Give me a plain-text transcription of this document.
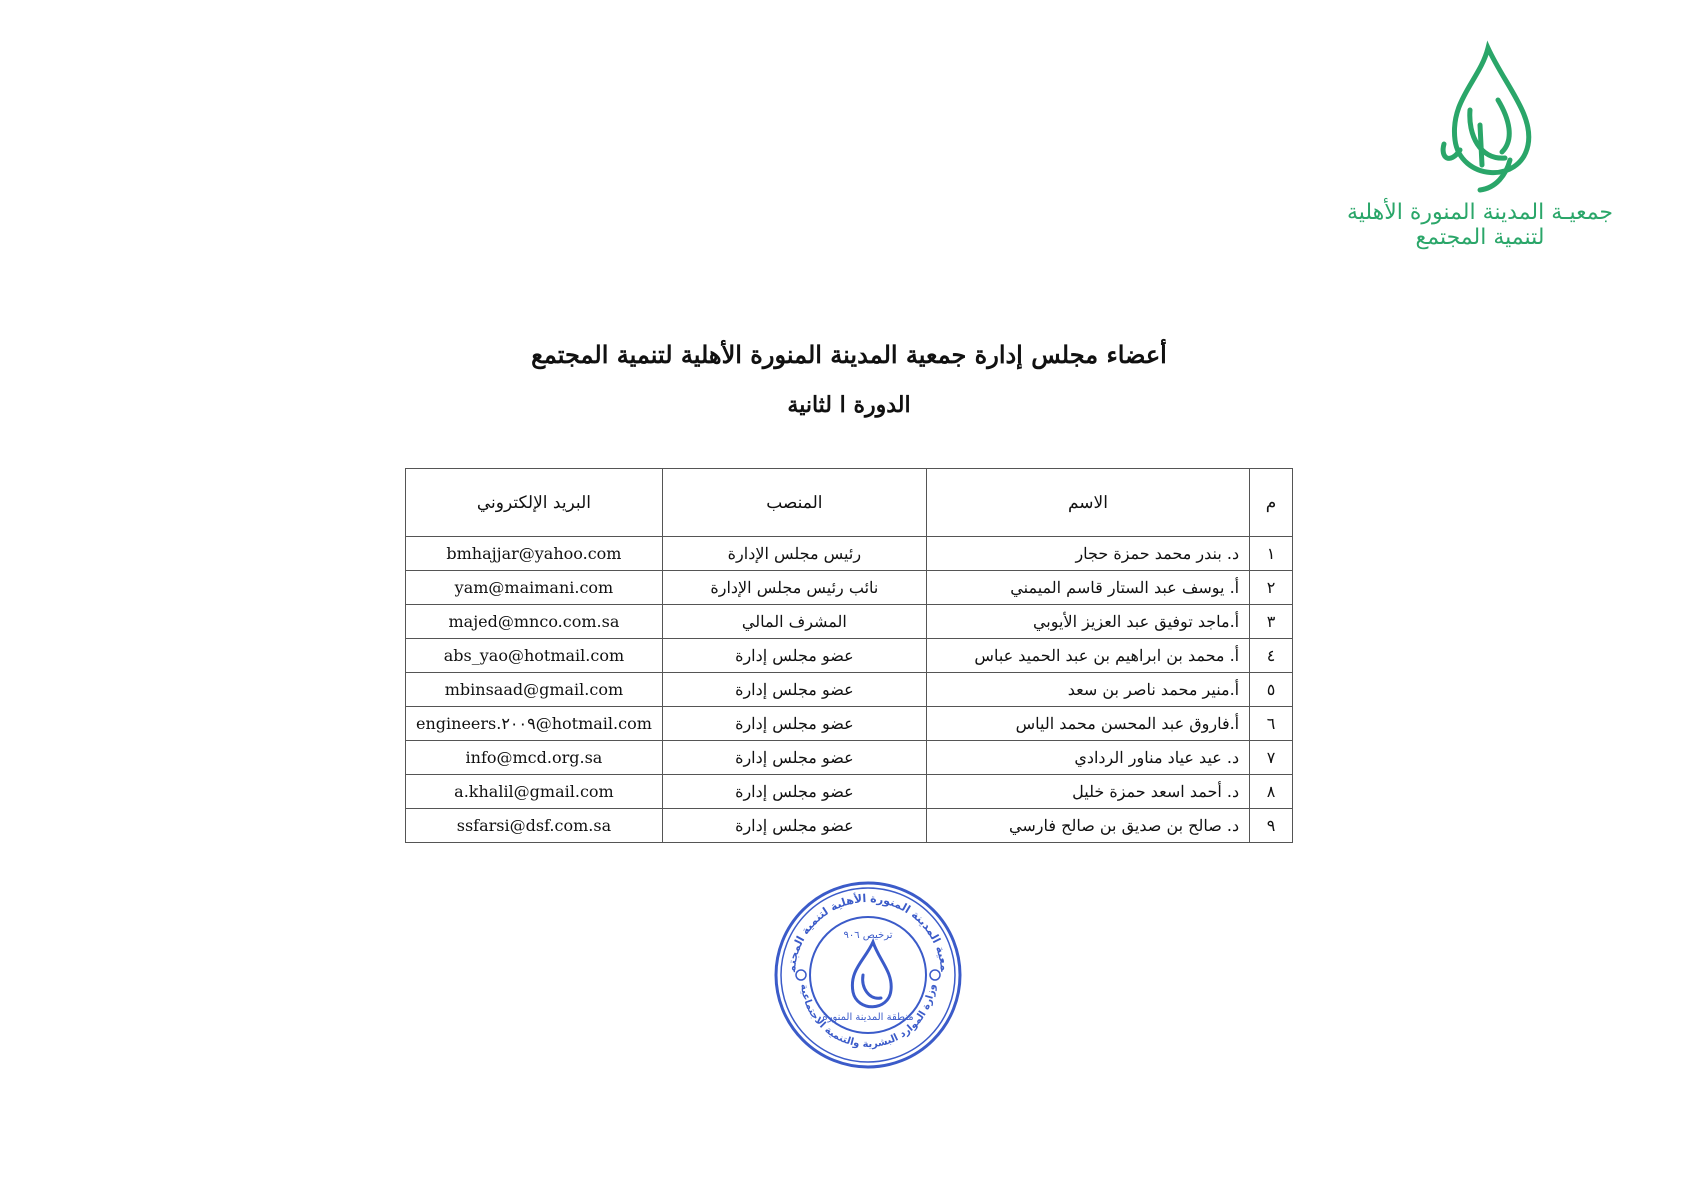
جمعيـة المدينة المنورة الأهلية
لتنمية المجتمع
أعضاء مجلس إدارة جمعية المدينة المنورة الأهلية لتنمية المجتمع
الدورة ا لثانية
م	الاسم	المنصب	البريد الإلكتروني
١	د. بندر محمد حمزة حجار	رئيس مجلس الإدارة	bmhajjar@yahoo.com
٢	أ. يوسف عبد الستار قاسم الميمني	نائب رئيس مجلس الإدارة	yam@maimani.com
٣	أ.ماجد توفيق عبد العزيز الأيوبي	المشرف المالي	majed@mnco.com.sa
٤	أ. محمد بن ابراهيم بن عبد الحميد عباس	عضو مجلس إدارة	abs_yao@hotmail.com
٥	أ.منير محمد ناصر بن سعد	عضو مجلس إدارة	mbinsaad@gmail.com
٦	أ.فاروق عبد المحسن محمد الياس	عضو مجلس إدارة	engineers.٢٠٠٩@hotmail.com
٧	د. عيد عياد مناور الردادي	عضو مجلس إدارة	info@mcd.org.sa
٨	د. أحمد اسعد حمزة خليل	عضو مجلس إدارة	a.khalil@gmail.com
٩	د. صالح بن صديق بن صالح فارسي	عضو مجلس إدارة	ssfarsi@dsf.com.sa
معية المدينة المنورة الأهلية لتنمية المجتم
وزارة الموارد البشرية والتنمية الاجتماعية
ترخيص ٩٠٦
منطقة المدينة المنورة
